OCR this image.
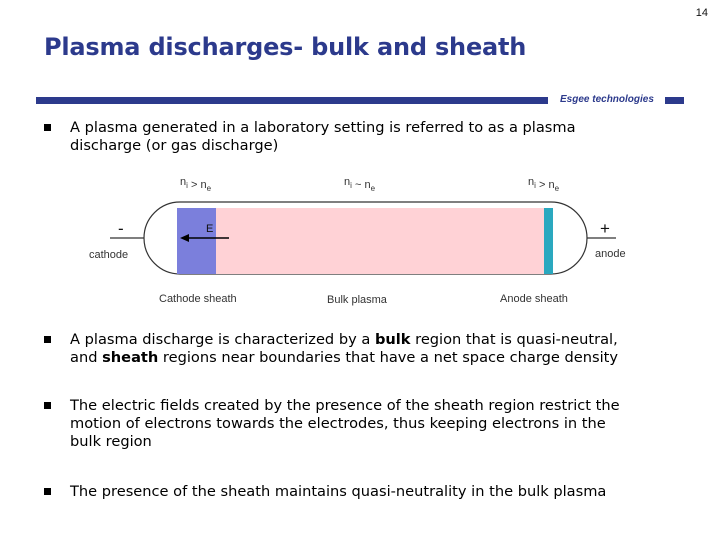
14
Plasma discharges- bulk and sheath
Esgee technologies
A plasma generated in a laboratory setting is referred to as a plasma
discharge (or gas discharge)
$n_i > n_e$
$n_i$ ~ $n_e$
$n_i > n_e$
-	+
cathode	anode
E
Cathode sheath	Bulk plasma	Anode sheath
A plasma discharge is characterized by a bulk region that is quasi-neutral,
and sheath regions near boundaries that have a net space charge density
The electric fields created by the presence of the sheath region restrict the
motion of electrons towards the electrodes, thus keeping electrons in the
bulk region
The presence of the sheath maintains quasi-neutrality in the bulk plasma
